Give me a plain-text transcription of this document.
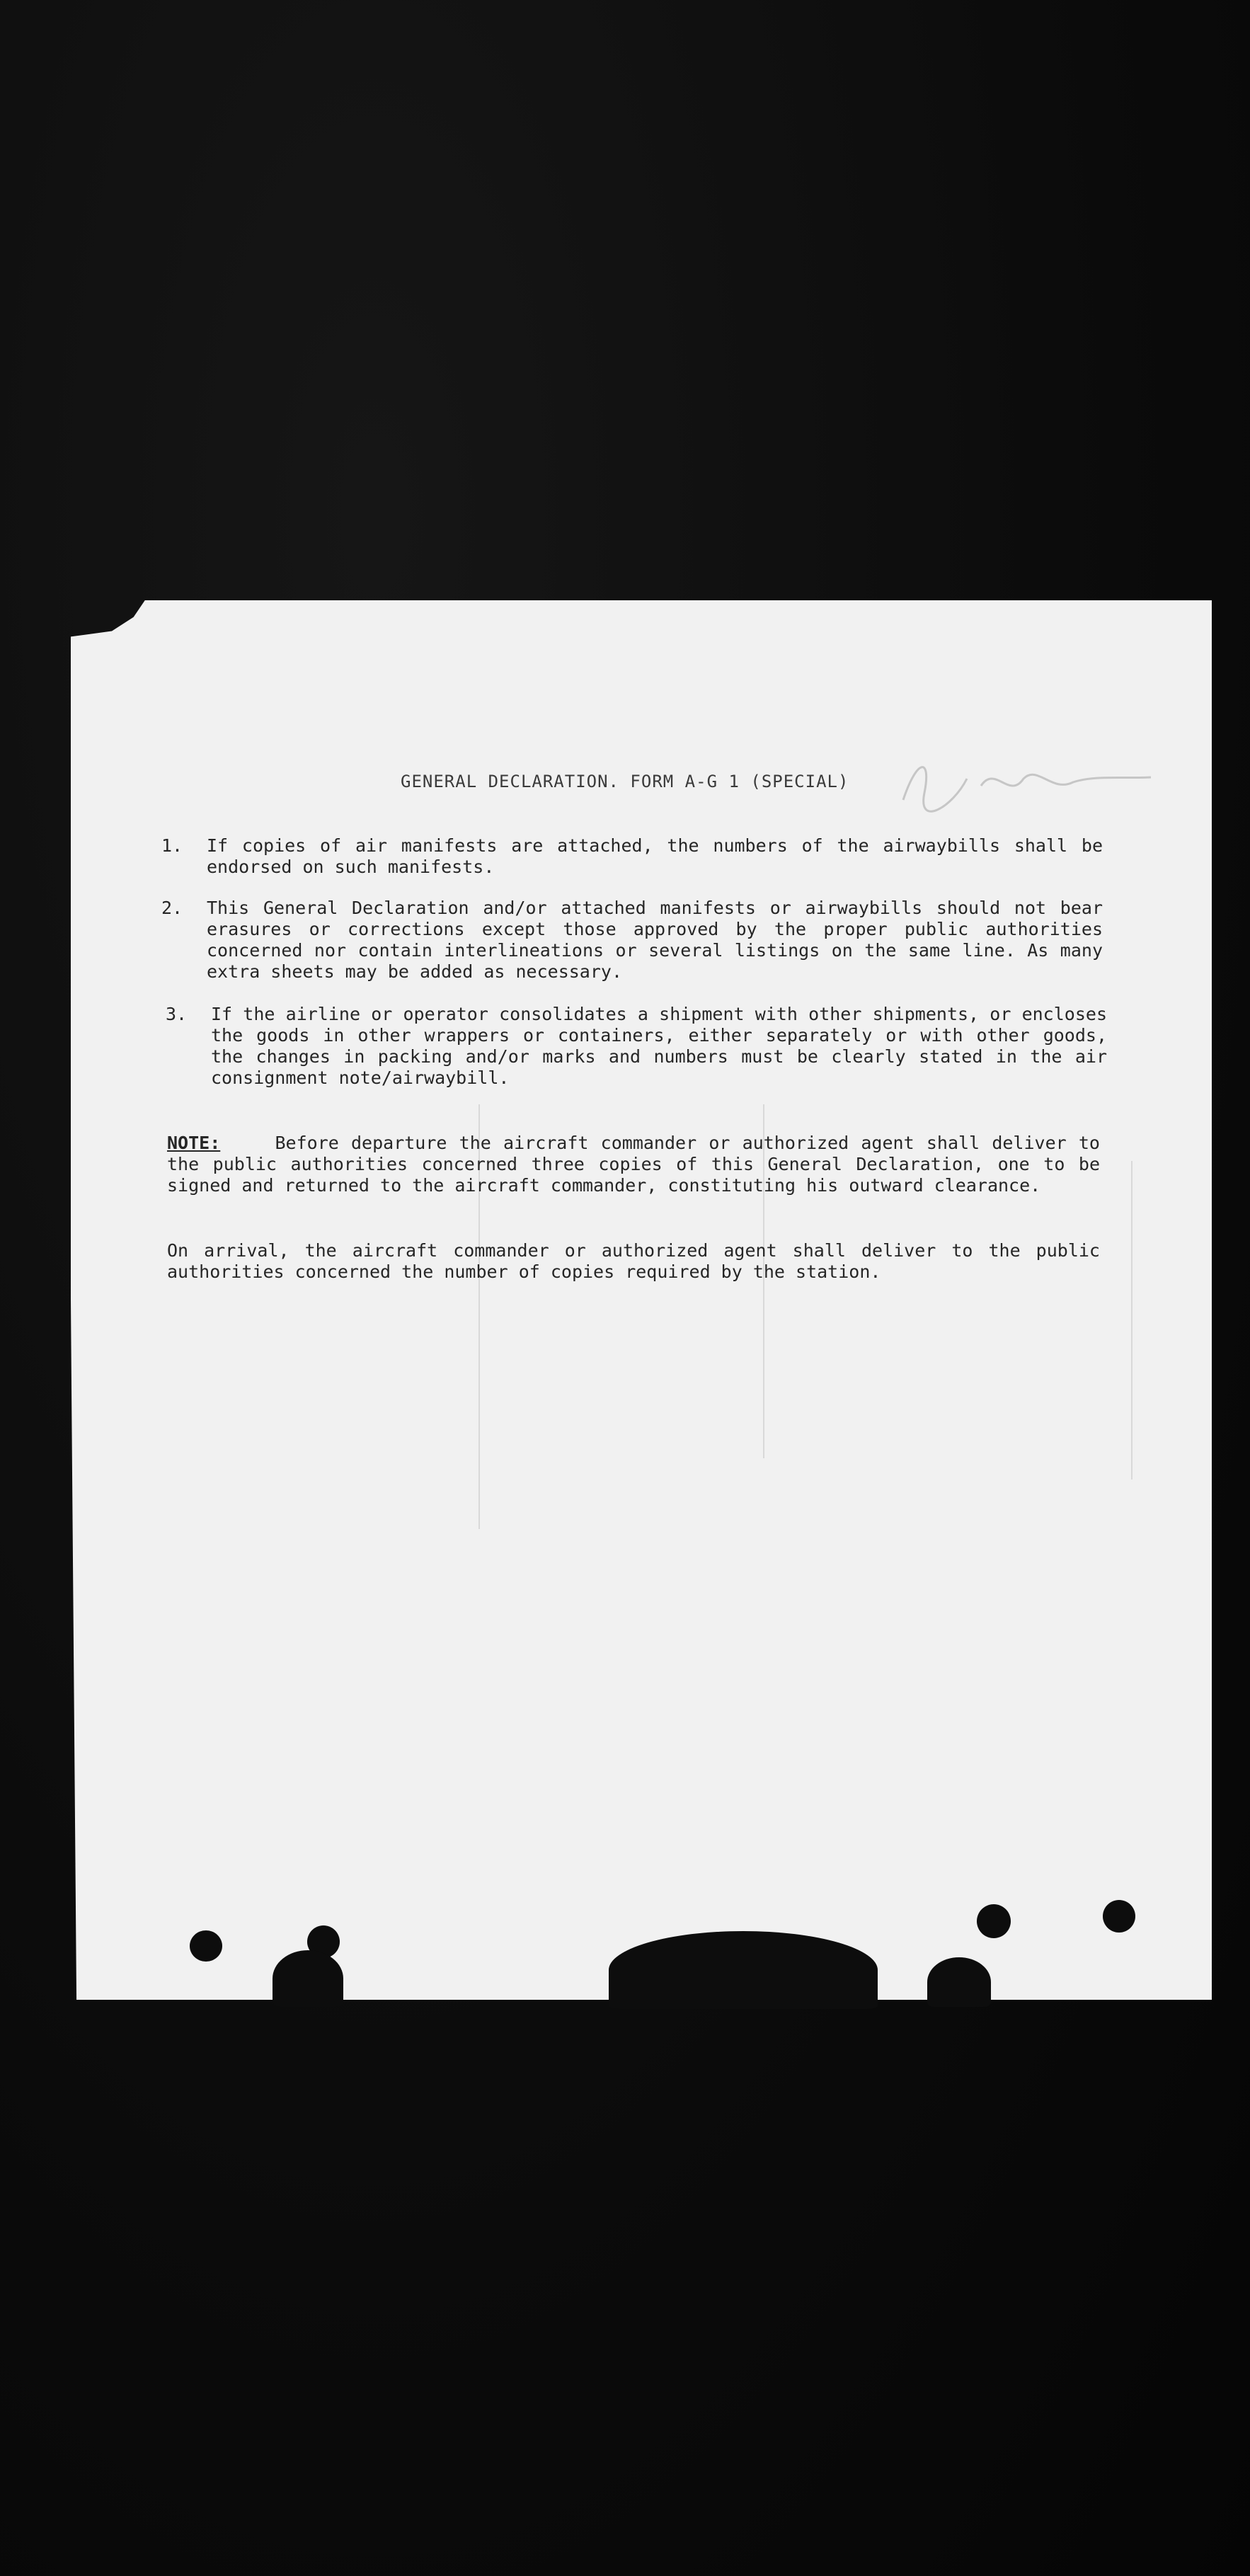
GENERAL DECLARATION. FORM A-G 1 (SPECIAL)
1.	If copies of air manifests are attached, the numbers of the airwaybills shall be endorsed on such manifests.
2.	This General Declaration and/or attached manifests or airwaybills should not bear erasures or corrections except those approved by the proper public authorities concerned nor contain interlineations or several listings on the same line. As many extra sheets may be added as necessary.
3.	If the airline or operator consolidates a shipment with other shipments, or encloses the goods in other wrappers or containers, either separately or with other goods, the changes in packing and/or marks and numbers must be clearly stated in the air consignment note/airwaybill.
NOTE:	Before departure the aircraft commander or authorized agent shall deliver to the public authorities concerned three copies of this General Declaration, one to be signed and returned to the aircraft commander, constituting his outward clearance.
On arrival, the aircraft commander or authorized agent shall deliver to the public authorities concerned the number of copies required by the station.
